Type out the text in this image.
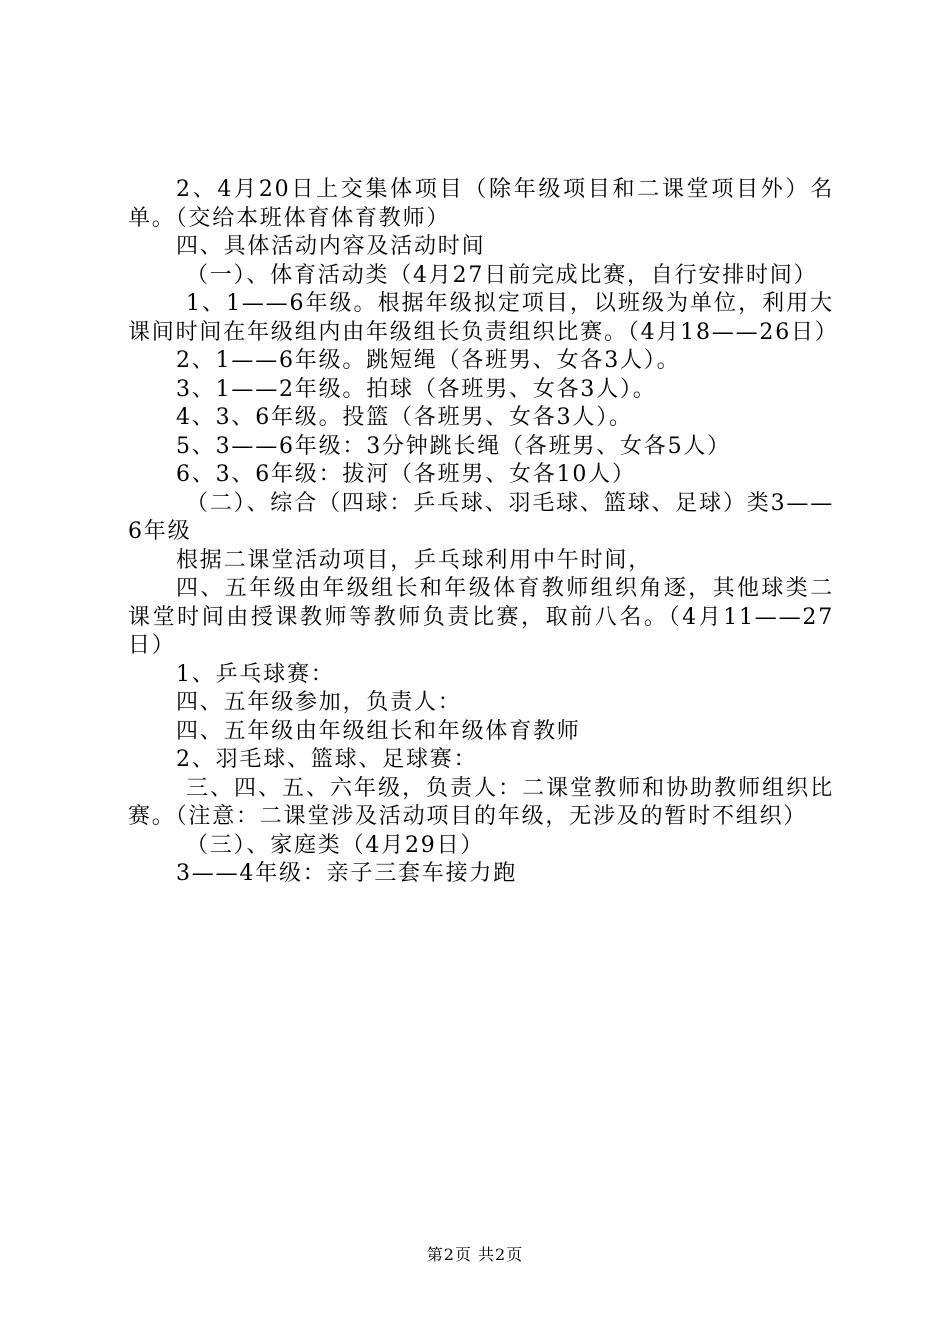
2、4月20日上交集体项目（除年级项目和二课堂项目外）名单。（交给本班体育体育教师）

四、具体活动内容及活动时间

（一）、体育活动类（4月27日前完成比赛，自行安排时间）

1、1——6年级。根据年级拟定项目，以班级为单位，利用大课间时间在年级组内由年级组长负责组织比赛。（4月18——26日）

2、1——6年级。跳短绳（各班男、女各3人）。

3、1——2年级。拍球（各班男、女各3人）。

4、3、6年级。投篮（各班男、女各3人）。

5、3——6年级：3分钟跳长绳（各班男、女各5人）

6、3、6年级：拔河（各班男、女各10人）

（二）、综合（四球：乒乓球、羽毛球、篮球、足球）类3——6年级

根据二课堂活动项目，乒乓球利用中午时间，

四、五年级由年级组长和年级体育教师组织角逐，其他球类二课堂时间由授课教师等教师负责比赛，取前八名。（4月11——27日）

1、乒乓球赛：

四、五年级参加，负责人：

四、五年级由年级组长和年级体育教师

2、羽毛球、篮球、足球赛：

三、四、五、六年级，负责人：二课堂教师和协助教师组织比赛。（注意：二课堂涉及活动项目的年级，无涉及的暂时不组织）

（三）、家庭类（4月29日）

3——4年级：亲子三套车接力跑

第2页 共2页
